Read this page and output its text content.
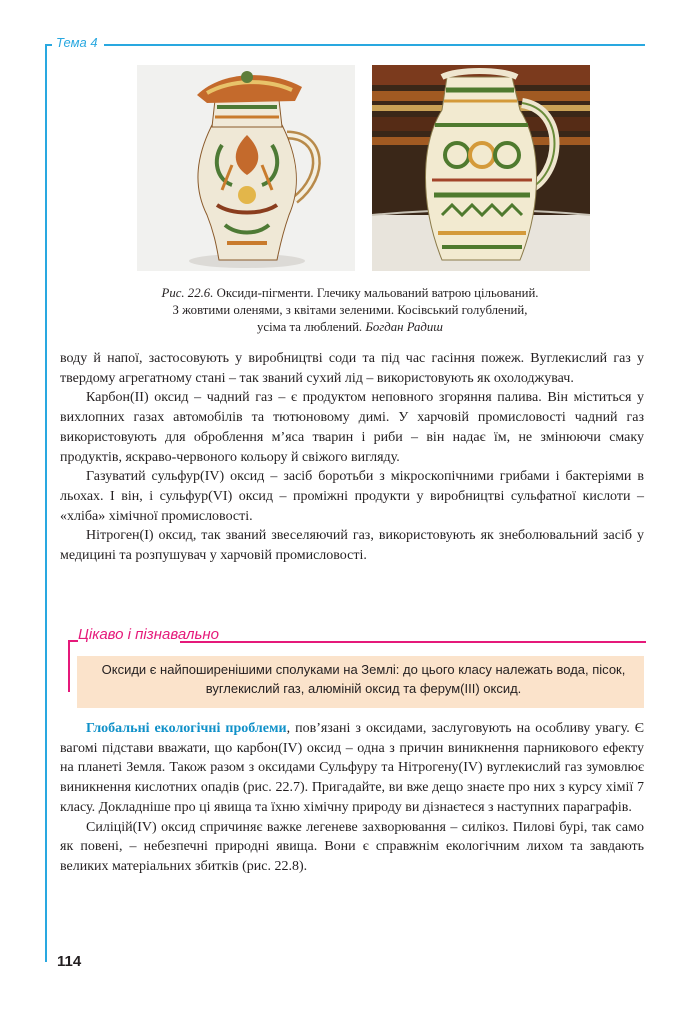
Тема 4
Рис. 22.6. Оксиди-пігменти. Глечику мальований ватрою цільований.
З жовтими оленями, з квітами зеленими. Косівський голублений,
усіма та люблений. Богдан Радиш

воду й напої, застосовують у виробництві соди та під час гасіння пожеж. Вуглекислий газ у твердому агрегатному стані – так званий сухий лід – використовують як охолоджувач.

Карбон(ІІ) оксид – чадний газ – є продуктом неповного згоряння палива. Він міститься у вихлопних газах автомобілів та тютюновому димі. У харчовій промисловості чадний газ використовують для оброблення м’яса тварин і риби – він надає їм, не змінюючи смаку продуктів, яскраво-червоного кольору й свіжого вигляду.

Газуватий сульфур(IV) оксид – засіб боротьби з мікроскопічними грибами і бактеріями в льохах. І він, і сульфур(VI) оксид – проміжні продукти у виробництві сульфатної кислоти – «хліба» хімічної промисловості.

Нітроген(І) оксид, так званий звеселяючий газ, використовують як знеболювальний засіб у медицині та розпушувач у харчовій промисловості.

Цікаво і пізнавально
Оксиди є найпоширенішими сполуками на Землі: до цього класу належать вода, пісок, вуглекислий газ, алюміній оксид та ферум(ІІІ) оксид.

Глобальні екологічні проблеми, пов’язані з оксидами, заслуговують на особливу увагу. Є вагомі підстави вважати, що карбон(IV) оксид – одна з причин виникнення парникового ефекту на планеті Земля. Також разом з оксидами Сульфуру та Нітрогену(IV) вуглекислий газ зумовлює виникнення кислотних опадів (рис. 22.7). Пригадайте, ви вже дещо знаєте про них з курсу хімії 7 класу. Докладніше про ці явища та їхню хімічну природу ви дізнаєтеся з наступних параграфів.

Силіцій(IV) оксид спричиняє важке легеневе захворювання – силікоз. Пилові бурі, так само як повені, – небезпечні природні явища. Вони є справжнім екологічним лихом та завдають великих матеріальних збитків (рис. 22.8).

114
